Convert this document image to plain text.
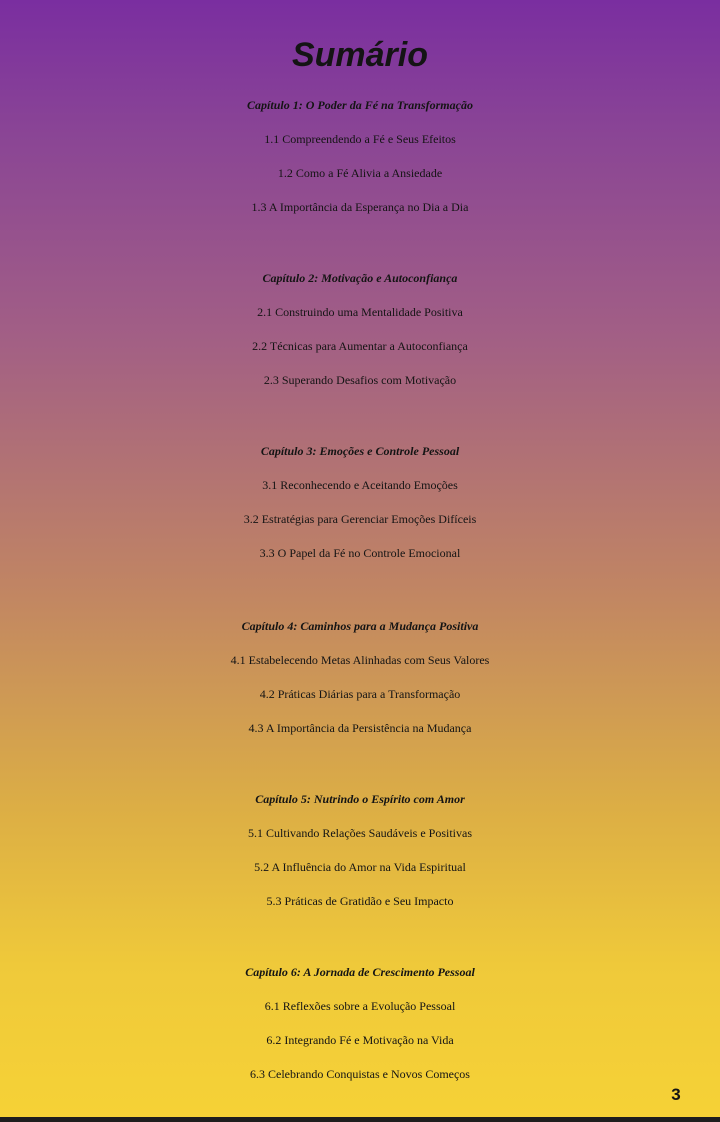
Sumário
Capítulo 1: O Poder da Fé na Transformação
1.1 Compreendendo a Fé e Seus Efeitos
1.2 Como a Fé Alivia a Ansiedade
1.3 A Importância da Esperança no Dia a Dia
Capítulo 2: Motivação e Autoconfiança
2.1 Construindo uma Mentalidade Positiva
2.2 Técnicas para Aumentar a Autoconfiança
2.3 Superando Desafios com Motivação
Capítulo 3: Emoções e Controle Pessoal
3.1 Reconhecendo e Aceitando Emoções
3.2 Estratégias para Gerenciar Emoções Difíceis
3.3 O Papel da Fé no Controle Emocional
Capítulo 4: Caminhos para a Mudança Positiva
4.1 Estabelecendo Metas Alinhadas com Seus Valores
4.2 Práticas Diárias para a Transformação
4.3 A Importância da Persistência na Mudança
Capítulo 5: Nutrindo o Espírito com Amor
5.1 Cultivando Relações Saudáveis e Positivas
5.2 A Influência do Amor na Vida Espiritual
5.3 Práticas de Gratidão e Seu Impacto
Capítulo 6: A Jornada de Crescimento Pessoal
6.1 Reflexões sobre a Evolução Pessoal
6.2 Integrando Fé e Motivação na Vida
6.3 Celebrando Conquistas e Novos Começos
3
